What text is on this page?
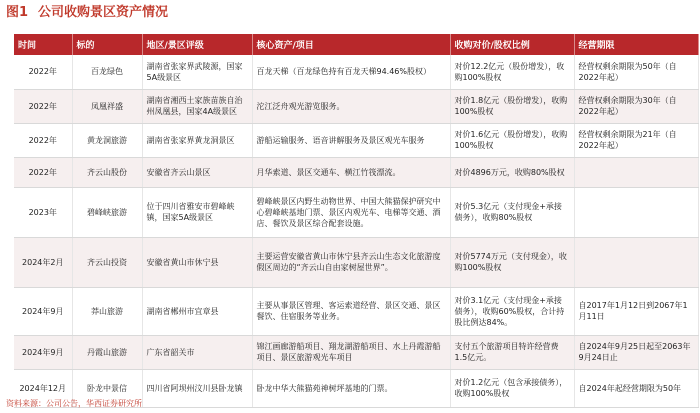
图1 公司收购景区资产情况
时间	标的	地区/景区评级	核心资产/项目	收购对价/股权比例	经营期限
2022年	百龙绿色	湖南省张家界武陵源，国家5A级景区	百龙天梯（百龙绿色持有百龙天梯94.46%股权）	对价12.2亿元（股份增发），收购100%股权	经营权剩余期限为50年（自2022年起）
2022年	凤凰祥盛	湖南省湘西土家族苗族自治州凤凰县，国家4A级景区	沱江泛舟观光游览服务。	对价1.8亿元（股份增发），收购100%股权	经营权剩余期限为30年（自2022年起）
2022年	黄龙洞旅游	湖南省张家界黄龙洞景区	游船运输服务、语音讲解服务及景区观光车服务	对价1.6亿元（股份增发），收购100%股权	经营权剩余期限为21年（自2022年起）
2022年	齐云山股份	安徽省齐云山景区	月华索道、景区交通车、横江竹筏漂流。	对价4896万元，收购80%股权	
2023年	碧峰峡旅游	位于四川省雅安市碧峰峡镇，国家5A级景区	碧峰峡景区内野生动物世界、中国大熊猫保护研究中心碧峰峡基地门票、景区内观光车、电梯等交通、酒店、餐饮及景区综合配套设施。	对价5.3亿元（支付现金+承接债务），收购80%股权	
2024年2月	齐云山投资	安徽省黄山市休宁县	主要运营安徽省黄山市休宁县齐云山生态文化旅游度假区周边的“齐云山自由家树屋世界”。	对价5774万元（支付现金），收购100%股权	
2024年9月	莽山旅游	湖南省郴州市宜章县	主要从事景区管理、客运索道经营、景区交通、景区餐饮、住宿服务等业务。	对价3.1亿元（支付现金+承接债务），收购60%股权，合计持股比例达84%。	自2017年1月12日到2067年1月11日
2024年9月	丹霞山旅游	广东省韶关市	锦江画廊游船项目、翔龙湖游船项目、水上丹霞游船项目、景区旅游观光车项目	支付五个旅游项目特许经营费1.5亿元。	自2024年9月25日起至2063年9月24日止
2024年12月	卧龙中景信	四川省阿坝州汶川县卧龙镇	卧龙中华大熊猫苑神树坪基地的门票。	对价1.2亿元（包含承接债务），收购100%股权	自2024年起经营期限为50年
资料来源：公司公告，华西证券研究所
